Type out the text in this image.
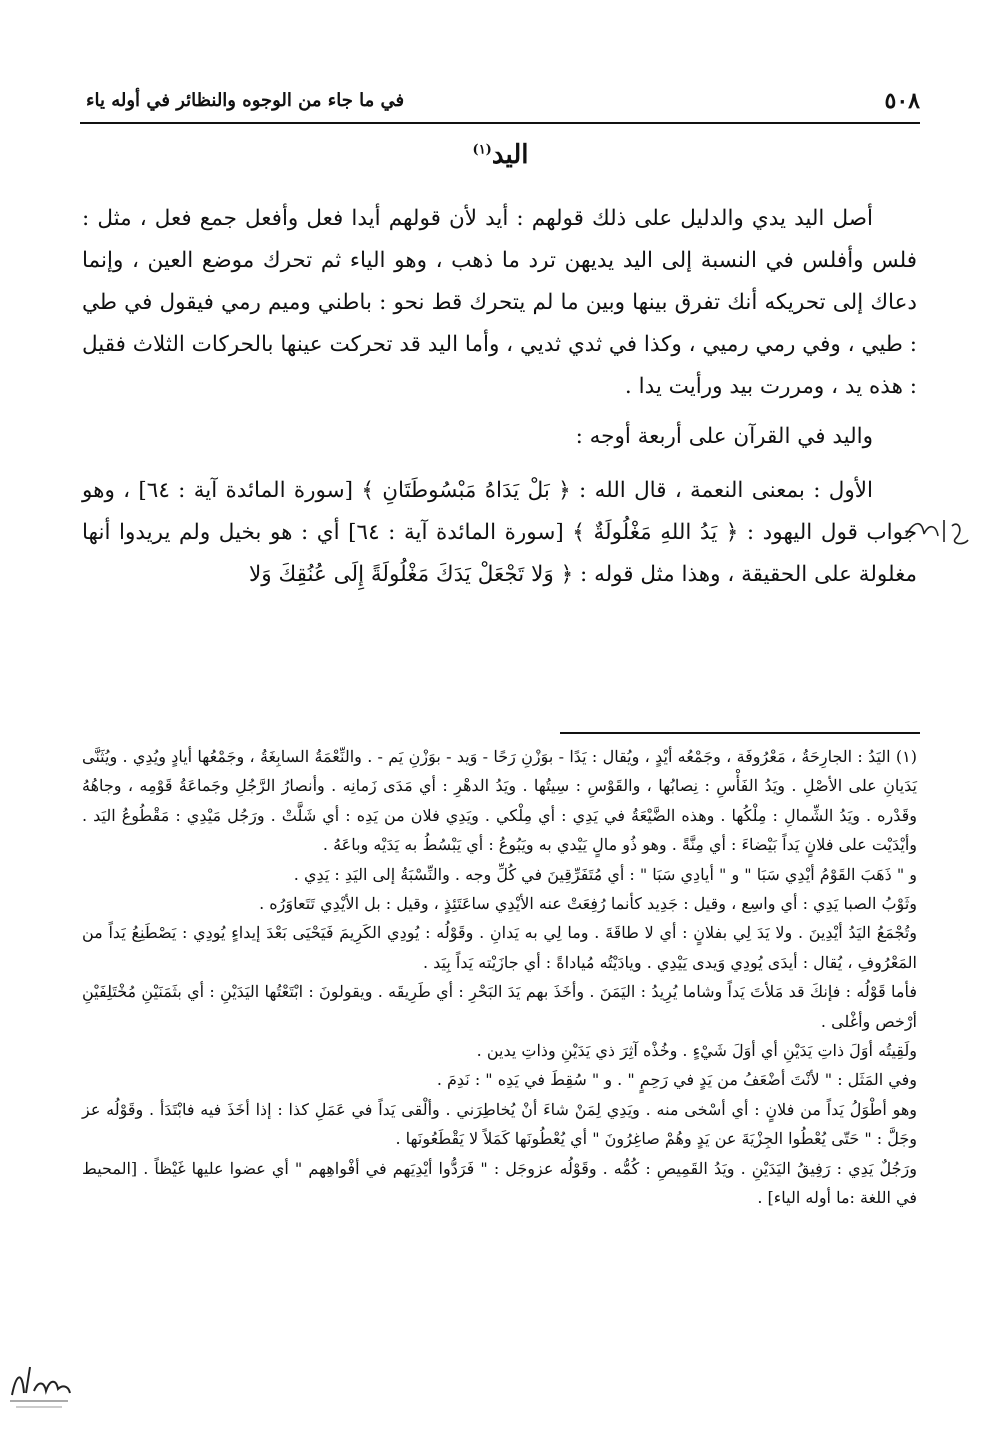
٥٠٨
في ما جاء من الوجوه والنظائر في أوله ياء
اليد$^{(١)}$

أصل اليد يدي والدليل على ذلك قولهم : أيد لأن قولهم أيدا فعل وأفعل جمع فعل ، مثل : فلس وأفلس في النسبة إلى اليد يديهن ترد ما ذهب ، وهو الياء ثم تحرك موضع العين ، وإنما دعاك إلى تحريكه أنك تفرق بينها وبين ما لم يتحرك قط نحو : باطني وميم رمي فيقول في طي : طيي ، وفي رمي رميي ، وكذا في ثدي ثديي ، وأما اليد قد تحركت عينها بالحركات الثلاث فقيل : هذه يد ، ومررت بيد ورأيت يدا .

واليد في القرآن على أربعة أوجه :

الأول : بمعنى النعمة ، قال الله : ﴿ بَلْ يَدَاهُ مَبْسُوطَتَانِ ﴾ [سورة المائدة آية : ٦٤] ، وهو جواب قول اليهود : ﴿ يَدُ اللهِ مَغْلُولَةٌ ﴾ [سورة المائدة آية : ٦٤] أي : هو بخيل ولم يريدوا أنها مغلولة على الحقيقة ، وهذا مثل قوله : ﴿ وَلا تَجْعَلْ يَدَكَ مَغْلُولَةً إِلَى عُنُقِكَ وَلا

(١) اليَدُ : الجارِحَةُ ، مَعْرُوفَة ، وجَمْعُه أيْدٍ ، ويُقال : يَدًا - بوَزْنِ رَحًا - وَيد - بوَزْنِ يَم - . والنِّعْمَةُ السابِغَةُ ، وجَمْعُها أيادٍ ويُدِي . ويُثَنَّى يَدَيانِ على الأصْلِ . ويَدُ الفَأْسِ : نِصابُها ، والقَوْسِ : سِيتُها . ويَدُ الدهْرِ : أي مَدَى زَمانِه . وأنصارُ الرَّجُلِ وجَماعَةُ قَوْمِه ، وجاهُهُ وقَدْره . ويَدُ الشِّمالِ : مِلْكُها . وهذه الضَّيْعَةُ في يَدِي : أي مِلْكي . ويَدِي فلان من يَدِه : أي شَلَّتْ . ورَجُل مَيْدِي : مَقْطُوعُ اليَد . وأيْدَيْت على فلانٍ يَداً بَيْضاءَ : أي مِنَّةً . وهو ذُو مالٍ يَيْدي به ويَبُوعُ : أي يَبْسُطُ به يَدَيْه وباعَهُ .

و " ذَهَبَ القَوْمُ أيْدِي سَبَا " و " أيادِي سَبَا " : أي مُتَفَرِّقِينَ في كُلِّ وجه . والنِّسْبَةُ إلى اليَدِ : يَدِي .

وثَوْبُ الصبا يَدِي : أي واسِع ، وقيل : جَدِيد كأنما رُفِعَتْ عنه الأيْدِي ساعَتَئِذٍ ، وقيل : بل الأيْدِي تَتَعاوَرُه .

وتُجْمَعُ اليَدُ أيْدِينَ . ولا يَدَ لِي بفلانٍ : أي لا طاقَةَ . وما لِي به يَدانِ . وقَوْلُه : يُودِي الكَرِيمَ فَيَحْيَى بَعْدَ إيداءٍ يُودِي : يَصْطَنِعُ يَداً من المَعْرُوفِ ، يُقال : أيدَى يُودِي وَيدى يَيْدِي . ويادَيْتُه مُياداةً : أي جازَيْته يَداً بِيَد .

فأما قَوْلُه : فإنكَ قد مَلأتَ يَداً وشاما يُرِيدُ : اليَمَنَ . وأخَذَ بهم يَدَ البَحْرِ : أي طَرِيقَه . ويقولونَ : ابْتَعْتُها اليَدَيْنِ : أي بثَمَنَيْنِ مُخْتَلِفَيْنِ أرْخص وأغْلى .

ولَقِيتُه أوَلَ ذاتِ يَدَيْنِ أي أوَلَ شَيْءٍ . وخُذْه آثِرَ ذي يَدَيْنِ وذاتِ يدين .

وفي المَثَل : " لأنْتَ أضْعَفُ من يَدٍ في رَحِمٍ " . و " سُقِطَ في يَدِه " : نَدِمَ .

وهو أطْوَلُ يَداً من فلانٍ : أي أسْخى منه . ويَدِي لِمَنْ شاءَ أنْ يُخاطِرَني . وألْقى يَداً في عَمَلِ كذا : إذا أخَذَ فيه فابْتَدَأ . وقَوْلُه عز وجَلَّ : " حَتّى يُعْطُوا الجِزْيَةَ عن يَدٍ وهُمْ صاغِرُونَ " أي يُعْطُونَها كَمَلاً لا يَقْطَعُونَها .

ورَجُلٌ يَدِي : رَفِيقُ اليَدَيْنِ . ويَدُ القَمِيصِ : كُمُّه . وقَوْلُه عزوجَل : " فَرَدُّوا أيْدِيَهم في أفْواهِهم " أي عضوا عليها غَيْظاً . [المحيط في اللغة :ما أوله الياء] .
